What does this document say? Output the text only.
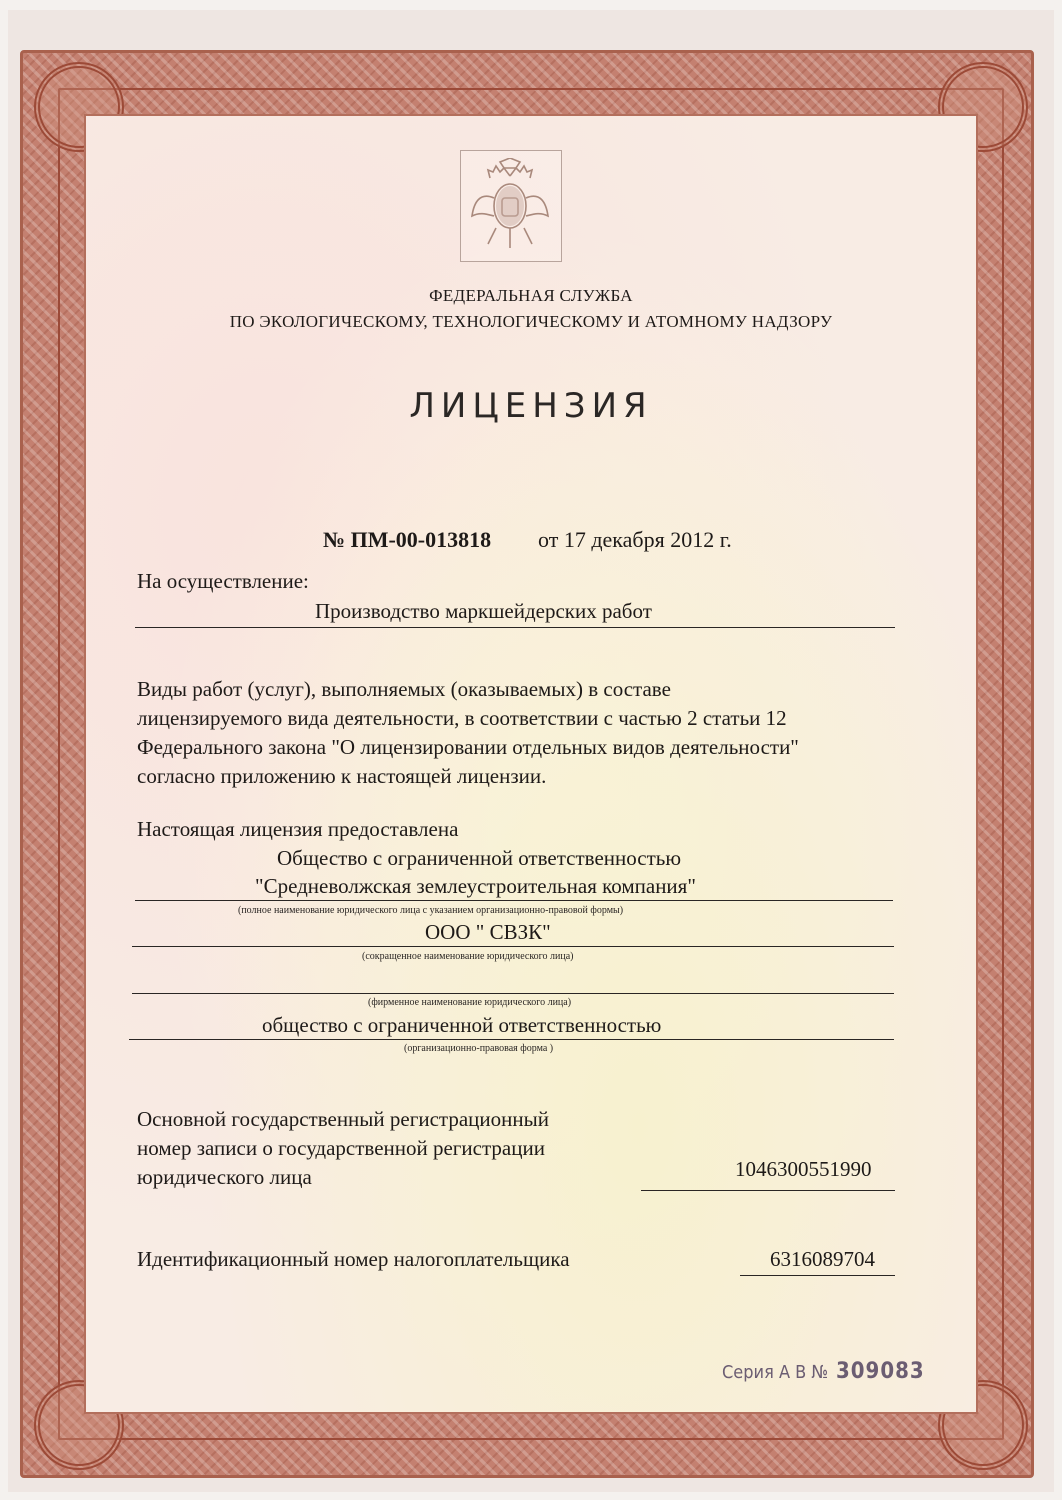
ФЕДЕРАЛЬНАЯ СЛУЖБА
ПО ЭКОЛОГИЧЕСКОМУ, ТЕХНОЛОГИЧЕСКОМУ И АТОМНОМУ НАДЗОРУ
ЛИЦЕНЗИЯ
№ ПМ-00-013818 от 17 декабря 2012 г.
На осуществление:
Производство маркшейдерских работ
Виды работ (услуг), выполняемых (оказываемых) в составе
лицензируемого вида деятельности, в соответствии с частью 2 статьи 12
Федерального закона "О лицензировании отдельных видов деятельности"
согласно приложению к настоящей лицензии.
Настоящая лицензия предоставлена
Общество с ограниченной ответственностью
"Средневолжская землеустроительная компания"
(полное наименование юридического лица с указанием организационно-правовой формы)
ООО " СВЗК"
(сокращенное наименование юридического лица)
(фирменное наименование юридического лица)
общество с ограниченной ответственностью
(организационно-правовая форма )
Основной государственный регистрационный
номер записи о государственной регистрации
юридического лица	1046300551990
Идентификационный номер налогоплательщика	6316089704
Серия А В № 309083
